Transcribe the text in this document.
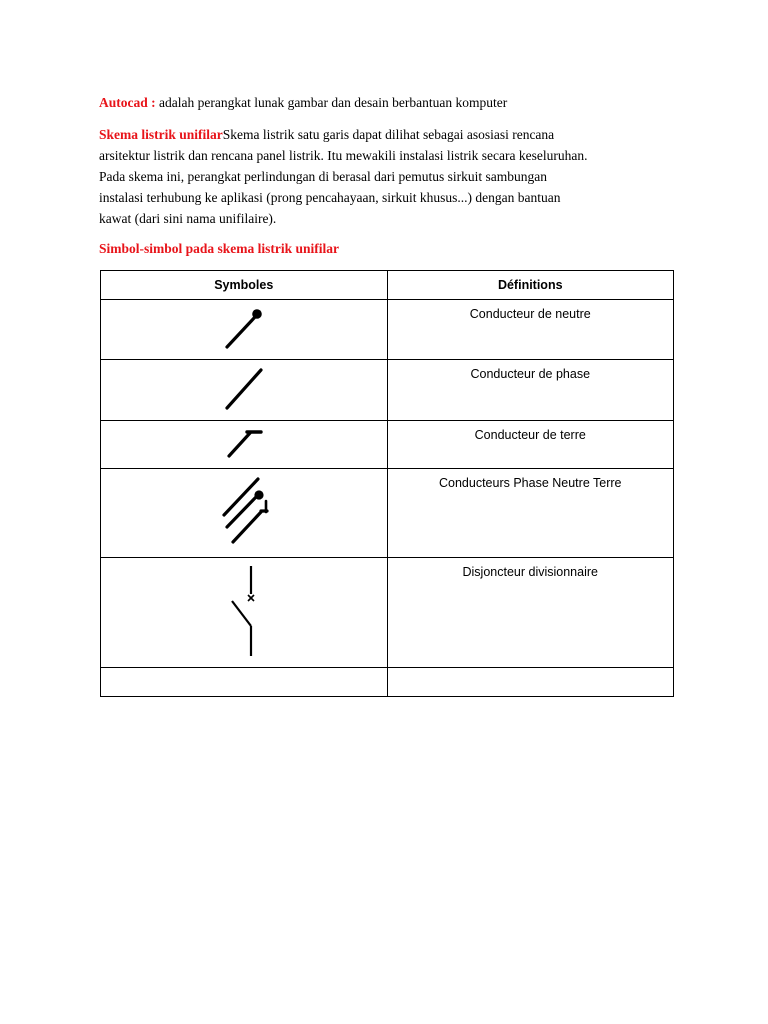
Autocad : adalah perangkat lunak gambar dan desain berbantuan komputer

Skema listrik unifilarSkema listrik satu garis dapat dilihat sebagai asosiasi rencana arsitektur listrik dan rencana panel listrik. Itu mewakili instalasi listrik secara keseluruhan. Pada skema ini, perangkat perlindungan di berasal dari pemutus sirkuit sambungan instalasi terhubung ke aplikasi (prong pencahayaan, sirkuit khusus...) dengan bantuan kawat (dari sini nama unifilaire).

Simbol-simbol pada skema listrik unifilar

Symboles	Définitions

Conducteur de neutre

Conducteur de phase

Conducteur de terre

Conducteurs Phase Neutre Terre

Disjoncteur divisionnaire
